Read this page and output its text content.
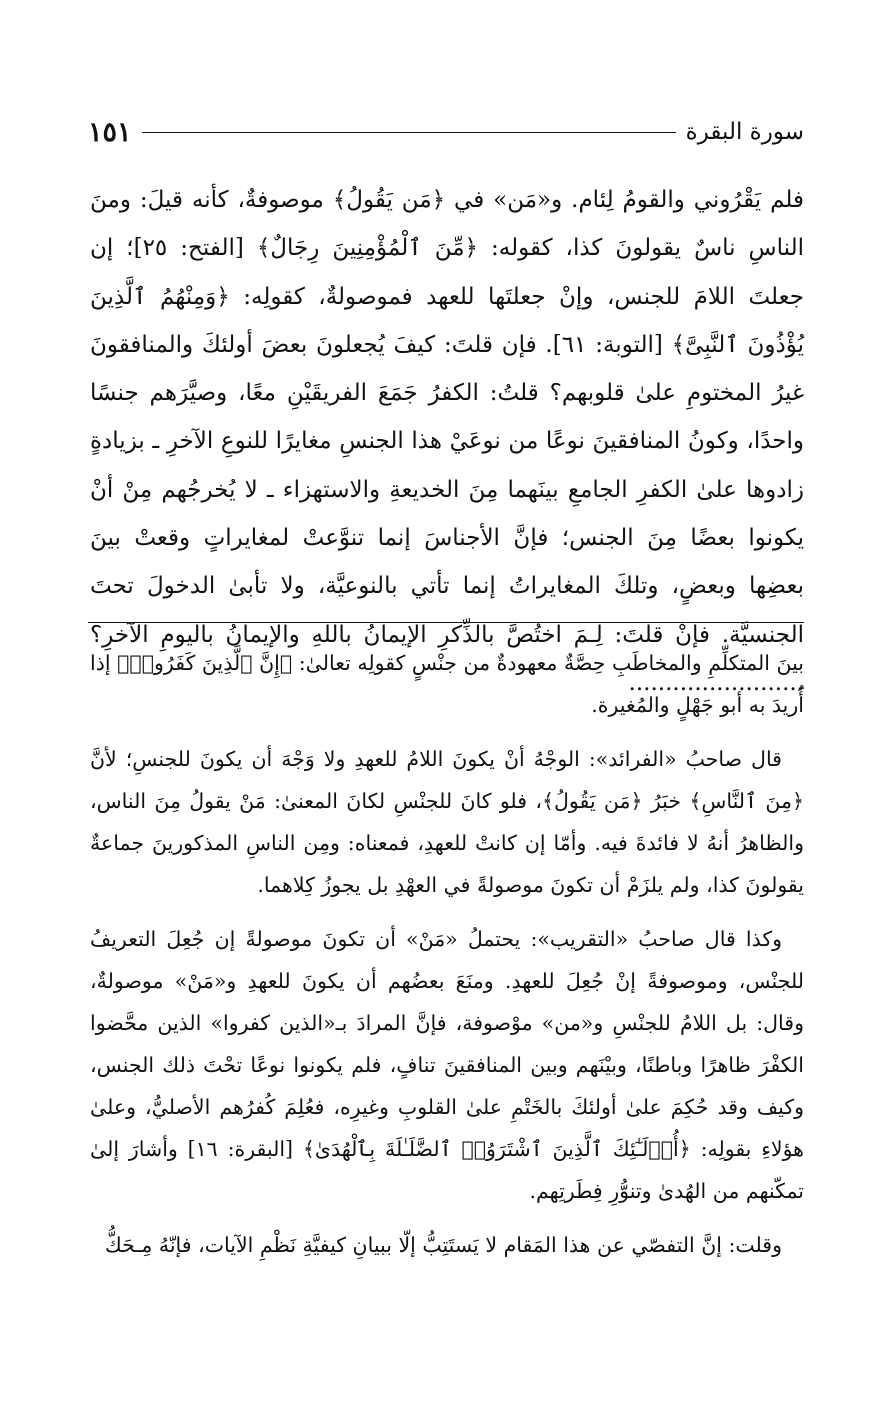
١٥١	سورة البقرة

فلم يَقْرُوني والقومُ لِئام. و«مَن» في ﴿مَن يَقُولُ﴾ موصوفةٌ، كأنه قيلَ: ومنَ الناسِ ناسٌ يقولونَ كذا، كقوله: ﴿مِّنَ ٱلْمُؤْمِنِينَ رِجَالٌ﴾ [الفتح: ٢٥]؛ إن جعلتَ اللامَ للجنس، وإنْ جعلتَها للعهد فموصولةٌ، كقولِه: ﴿وَمِنْهُمُ ٱلَّذِينَ يُؤْذُونَ ٱلنَّبِىَّ﴾ [التوبة: ٦١]. فإن قلتَ: كيفَ يُجعلونَ بعضَ أولئكَ والمنافقونَ غيرُ المختومِ علىٰ قلوبهم؟ قلتُ: الكفرُ جَمَعَ الفريقَيْنِ معًا، وصيَّرَهم جنسًا واحدًا، وكونُ المنافقينَ نوعًا من نوعَيْ هذا الجنسِ مغايرًا للنوعِ الآخرِ ـ بزيادةٍ زادوها علىٰ الكفرِ الجامعِ بينَهما مِنَ الخديعةِ والاستهزاء ـ لا يُخرجُهم مِنْ أنْ يكونوا بعضًا مِنَ الجنس؛ فإنَّ الأجناسَ إنما تنوَّعتْ لمغايراتٍ وقعتْ بينَ بعضِها وبعضٍ، وتلكَ المغايراتُ إنما تأتي بالنوعيَّة، ولا تأبىٰ الدخولَ تحتَ الجنسيَّة. فإنْ قلتَ: لِـمَ اختُصَّ بالذِّكرِ الإيمانُ باللهِ والإيمانُ باليومِ الآخرِ؟ ........................

بينَ المتكلِّمِ والمخاطَبِ حِصَّةٌ معهودةٌ من جنْسٍ كقولِه تعالىٰ: ﴿إِنَّ ٱلَّذِينَ كَفَرُوا۟﴾ إذا أُريدَ به أبو جَهْلٍ والمُغيرة.

قال صاحبُ «الفرائد»: الوجْهُ أنْ يكونَ اللامُ للعهدِ ولا وَجْهَ أن يكونَ للجنسِ؛ لأنَّ ﴿مِنَ ٱلنَّاسِ﴾ خبَرُ ﴿مَن يَقُولُ﴾، فلو كانَ للجنْسِ لكانَ المعنىٰ: مَنْ يقولُ مِنَ الناس، والظاهرُ أنهُ لا فائدةَ فيه. وأمّا إن كانتْ للعهدِ، فمعناه: ومِن الناسِ المذكورينَ جماعةٌ يقولونَ كذا، ولم يلزَمْ أن تكونَ موصولةً في العهْدِ بل يجوزُ كِلاهما.

وكذا قال صاحبُ «التقريب»: يحتملُ «مَنْ» أن تكونَ موصولةً إن جُعِلَ التعريفُ للجنْس، وموصوفةً إنْ جُعِلَ للعهدِ. ومنَعَ بعضُهم أن يكونَ للعهدِ و«مَنْ» موصولةٌ، وقال: بل اللامُ للجنْسِ و«من» موْصوفة، فإنَّ المرادَ بـ«الذين كفروا» الذين محَّضوا الكفْرَ ظاهرًا وباطنًا، وبيْنَهم وبين المنافقينَ تنافٍ، فلم يكونوا نوعًا تحْتَ ذلك الجنس، وكيف وقد حُكِمَ علىٰ أولئكَ بالخَتْمِ علىٰ القلوبِ وغيرِه، فعُلِمَ كُفرُهم الأصليُّ، وعلىٰ هؤلاءِ بقولِه: ﴿أُو۟لَـٰٓئِكَ ٱلَّذِينَ ٱشْتَرَوُا۟ ٱلضَّلَـٰلَةَ بِٱلْهُدَىٰ﴾ [البقرة: ١٦] وأشارَ إلىٰ تمكّنهم من الهُدىٰ وتنوُّرِ فِطَرتِهم.

وقلت: إنَّ التفصّي عن هذا المَقام لا يَستَتِبُّ إلّا ببيانِ كيفيَّةِ نَظْمِ الآيات، فإنّهُ مِـحَكُّ
